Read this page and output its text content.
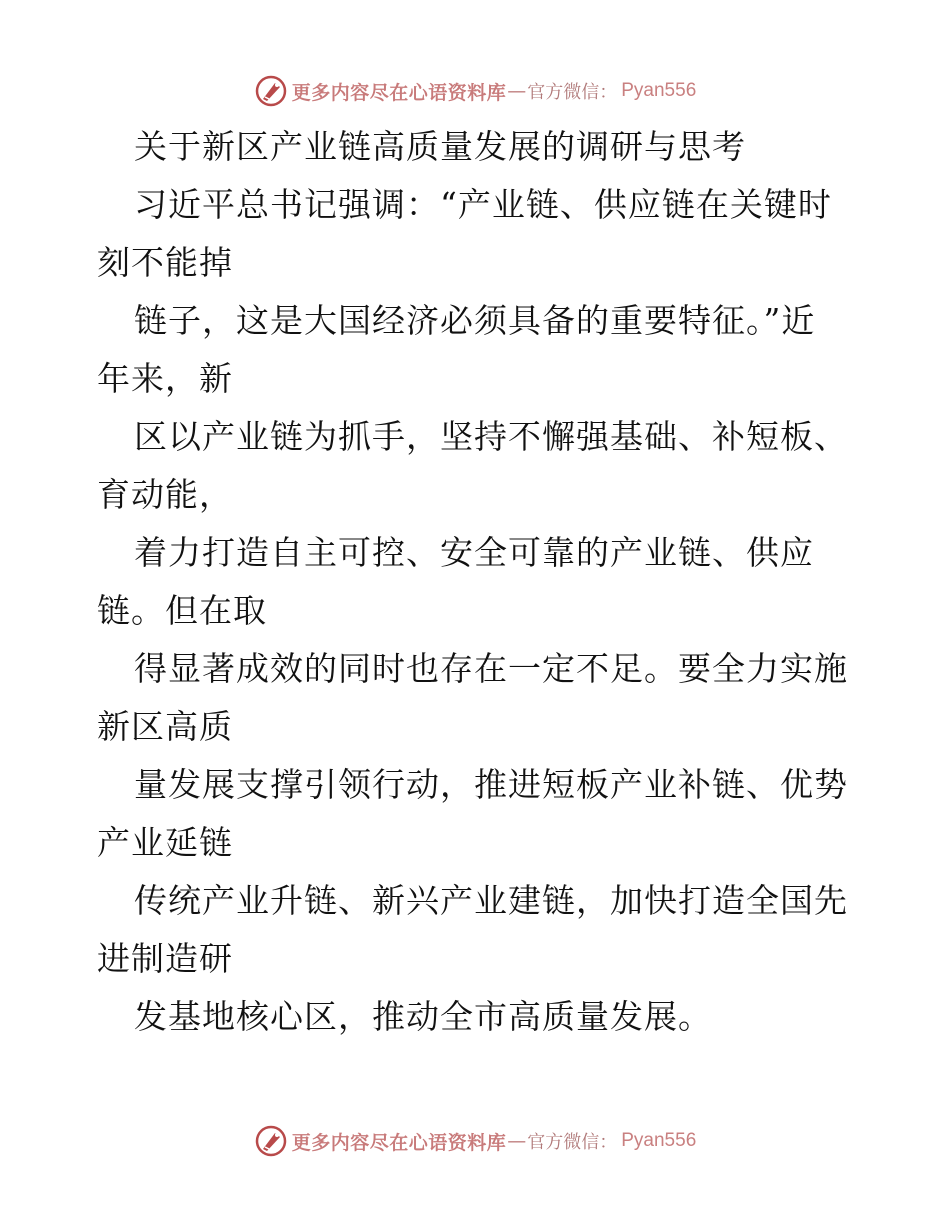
更多内容尽在心语资料库 — 官方微信： Pyan556
关于新区产业链高质量发展的调研与思考
习近平总书记强调：“产业链、供应链在关键时
刻不能掉
链子，这是大国经济必须具备的重要特征。”近
年来，新
区以产业链为抓手，坚持不懈强基础、补短板、
育动能，
着力打造自主可控、安全可靠的产业链、供应
链。但在取
得显著成效的同时也存在一定不足。要全力实施
新区高质
量发展支撑引领行动，推进短板产业补链、优势
产业延链
传统产业升链、新兴产业建链，加快打造全国先
进制造研
发基地核心区，推动全市高质量发展。
更多内容尽在心语资料库 — 官方微信： Pyan556
